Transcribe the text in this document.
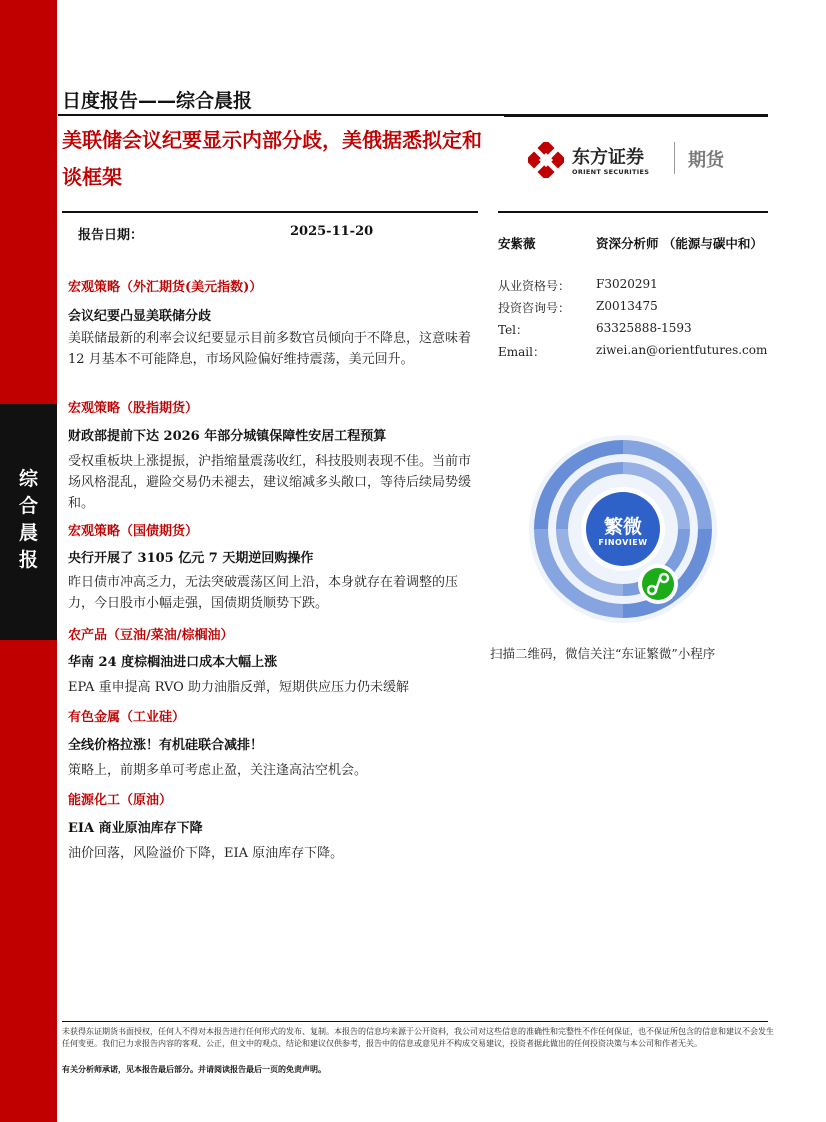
综
合
晨
报
日度报告——综合晨报
美联储会议纪要显示内部分歧，美俄据悉拟定和谈框架
报告日期：	2025-11-20
东方证券
ORIENT SECURITIES
期货
安紫薇	资深分析师 （能源与碳中和）
从业资格号： F3020291
投资咨询号： Z0013475
Tel：	63325888-1593
Email：	ziwei.an@orientfutures.com
繁微
FINOVIEW
扫描二维码，微信关注“东证繁微”小程序
宏观策略（外汇期货(美元指数)）
会议纪要凸显美联储分歧
美联储最新的利率会议纪要显示目前多数官员倾向于不降息，这意味着 12 月基本不可能降息，市场风险偏好维持震荡，美元回升。
宏观策略（股指期货）
财政部提前下达 2026 年部分城镇保障性安居工程预算
受权重板块上涨提振，沪指缩量震荡收红，科技股则表现不佳。当前市场风格混乱，避险交易仍未褪去，建议缩减多头敞口，等待后续局势缓和。
宏观策略（国债期货）
央行开展了 3105 亿元 7 天期逆回购操作
昨日债市冲高乏力，无法突破震荡区间上沿，本身就存在着调整的压力，今日股市小幅走强，国债期货顺势下跌。
农产品（豆油/菜油/棕榈油）
华南 24 度棕榈油进口成本大幅上涨
EPA 重申提高 RVO 助力油脂反弹，短期供应压力仍未缓解
有色金属（工业硅）
全线价格拉涨！有机硅联合减排！
策略上，前期多单可考虑止盈，关注逢高沽空机会。
能源化工（原油）
EIA 商业原油库存下降
油价回落，风险溢价下降，EIA 原油库存下降。
未获得东证期货书面授权，任何人不得对本报告进行任何形式的发布、复制。本报告的信息均来源于公开资料，我公司对这些信息的准确性和完整性不作任何保证，也不保证所包含的信息和建议不会发生任何变更。我们已力求报告内容的客观、公正，但文中的观点、结论和建议仅供参考，报告中的信息或意见并不构成交易建议，投资者据此做出的任何投资决策与本公司和作者无关。
有关分析师承诺，见本报告最后部分。并请阅读报告最后一页的免责声明。
